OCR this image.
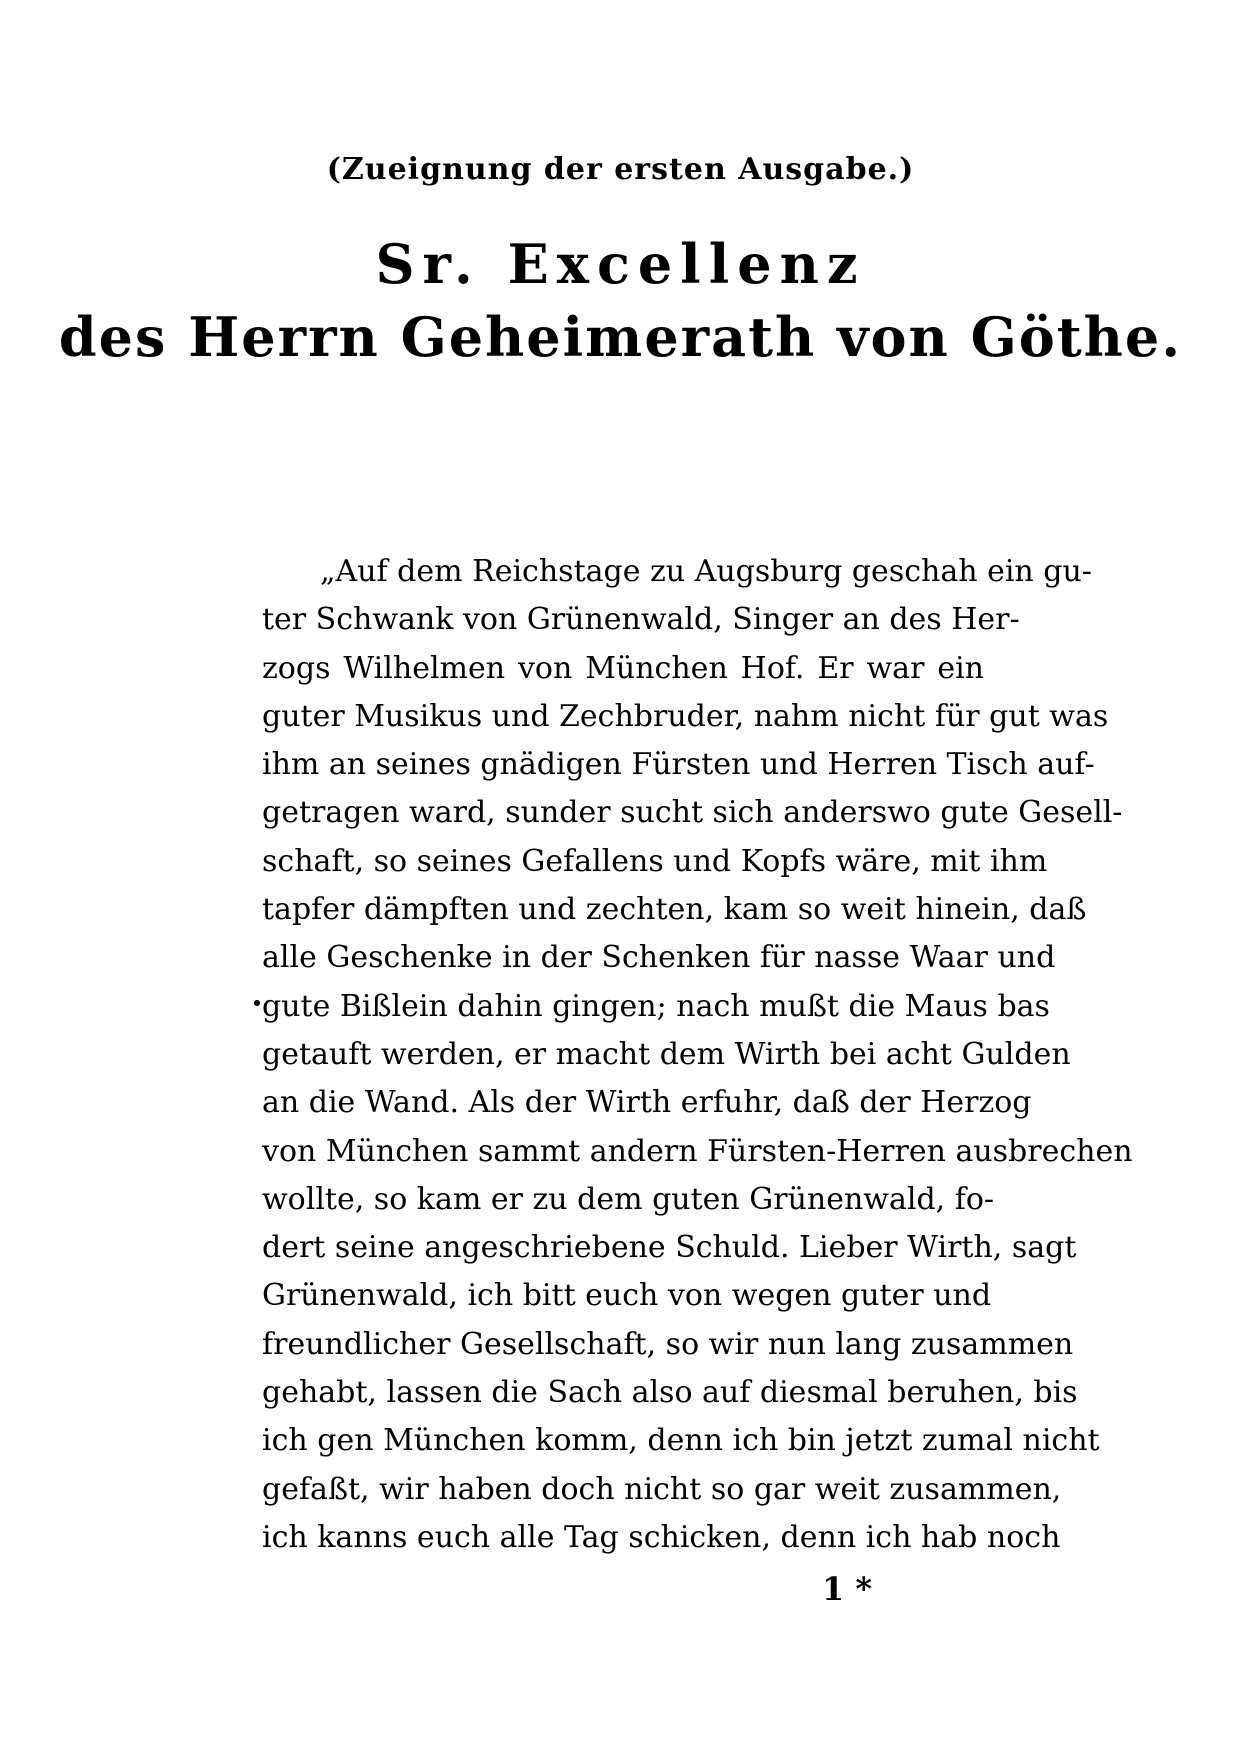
(Zueignung der ersten Ausgabe.)
Sr. Excellenz
des Herrn Geheimerath von Göthe.
„Auf dem Reichstage zu Augsburg geschah ein gu-
ter Schwank von Grünenwald, Singer an des Her-
zogs Wilhelmen von München Hof. Er war ein
guter Musikus und Zechbruder, nahm nicht für gut was
ihm an seines gnädigen Fürsten und Herren Tisch auf-
getragen ward, sunder sucht sich anderswo gute Gesell-
schaft, so seines Gefallens und Kopfs wäre, mit ihm
tapfer dämpften und zechten, kam so weit hinein, daß
alle Geschenke in der Schenken für nasse Waar und
gute Bißlein dahin gingen; nach mußt die Maus bas
getauft werden, er macht dem Wirth bei acht Gulden
an die Wand. Als der Wirth erfuhr, daß der Herzog
von München sammt andern Fürsten-Herren ausbrechen
wollte, so kam er zu dem guten Grünenwald, fo-
dert seine angeschriebene Schuld. Lieber Wirth, sagt
Grünenwald, ich bitt euch von wegen guter und
freundlicher Gesellschaft, so wir nun lang zusammen
gehabt, lassen die Sach also auf diesmal beruhen, bis
ich gen München komm, denn ich bin jetzt zumal nicht
gefaßt, wir haben doch nicht so gar weit zusammen,
ich kanns euch alle Tag schicken, denn ich hab noch
1 *
